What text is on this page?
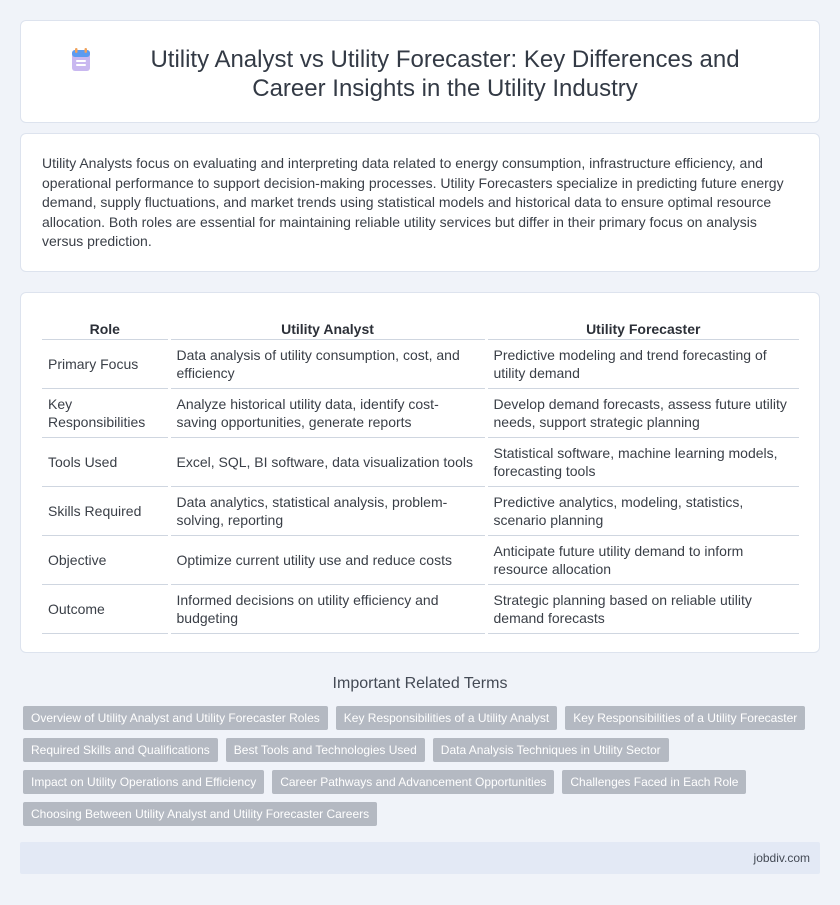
Utility Analyst vs Utility Forecaster: Key Differences and Career Insights in the Utility Industry

Utility Analysts focus on evaluating and interpreting data related to energy consumption, infrastructure efficiency, and operational performance to support decision-making processes. Utility Forecasters specialize in predicting future energy demand, supply fluctuations, and market trends using statistical models and historical data to ensure optimal resource allocation. Both roles are essential for maintaining reliable utility services but differ in their primary focus on analysis versus prediction.

Role	Utility Analyst	Utility Forecaster
Primary Focus	Data analysis of utility consumption, cost, and efficiency	Predictive modeling and trend forecasting of utility demand
Key Responsibilities	Analyze historical utility data, identify cost-saving opportunities, generate reports	Develop demand forecasts, assess future utility needs, support strategic planning
Tools Used	Excel, SQL, BI software, data visualization tools	Statistical software, machine learning models, forecasting tools
Skills Required	Data analytics, statistical analysis, problem-solving, reporting	Predictive analytics, modeling, statistics, scenario planning
Objective	Optimize current utility use and reduce costs	Anticipate future utility demand to inform resource allocation
Outcome	Informed decisions on utility efficiency and budgeting	Strategic planning based on reliable utility demand forecasts
Important Related Terms
Overview of Utility Analyst and Utility Forecaster Roles	Key Responsibilities of a Utility Analyst	Key Responsibilities of a Utility Forecaster
Required Skills and Qualifications	Best Tools and Technologies Used	Data Analysis Techniques in Utility Sector
Impact on Utility Operations and Efficiency	Career Pathways and Advancement Opportunities	Challenges Faced in Each Role
Choosing Between Utility Analyst and Utility Forecaster Careers
jobdiv.com
